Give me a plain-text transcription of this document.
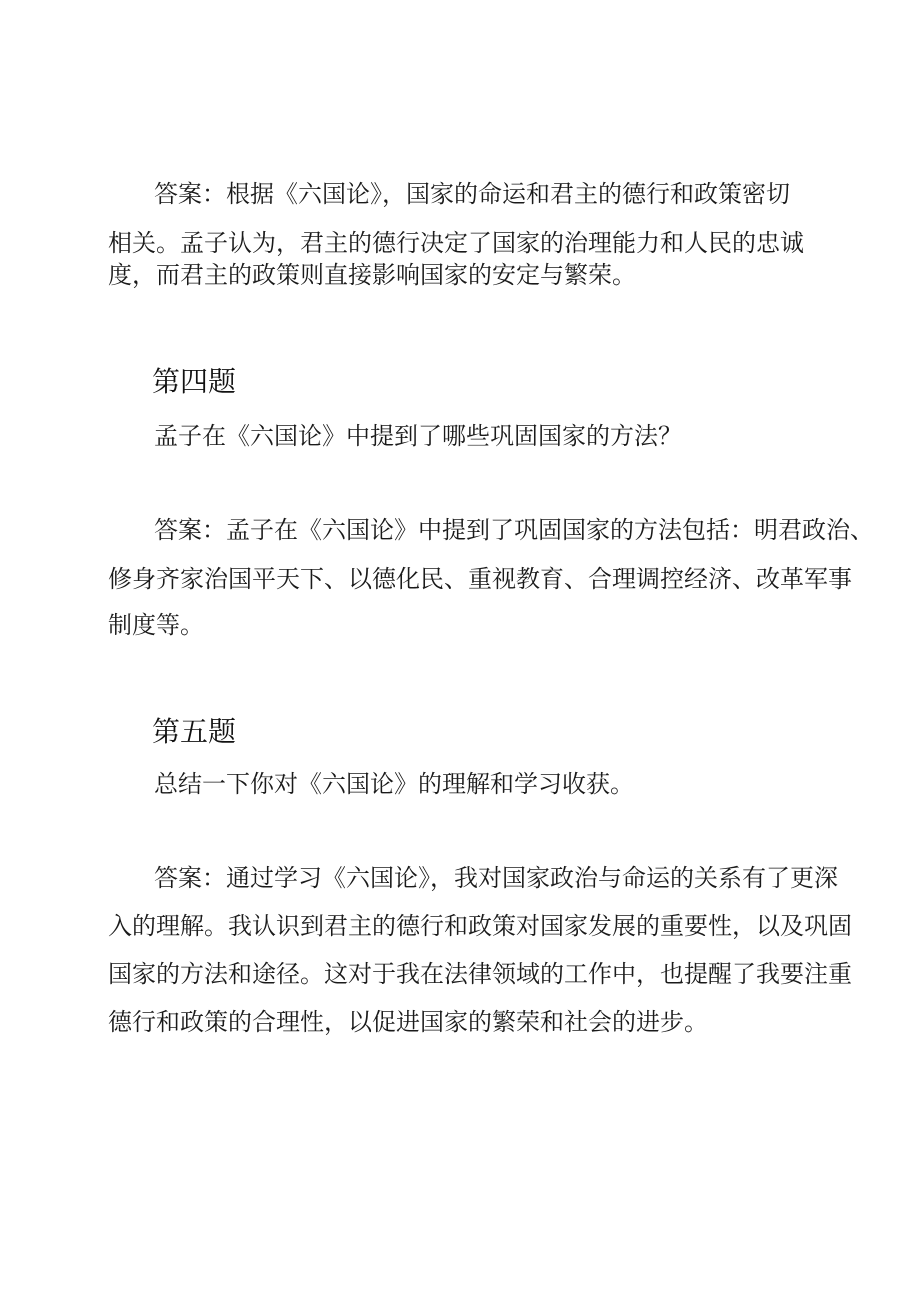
答案：根据《六国论》，国家的命运和君主的德行和政策密切
相关。孟子认为，君主的德行决定了国家的治理能力和人民的忠诚
度，而君主的政策则直接影响国家的安定与繁荣。
第四题
孟子在《六国论》中提到了哪些巩固国家的方法？
答案：孟子在《六国论》中提到了巩固国家的方法包括：明君政治、
修身齐家治国平天下、以德化民、重视教育、合理调控经济、改革军事
制度等。
第五题
总结一下你对《六国论》的理解和学习收获。
答案：通过学习《六国论》，我对国家政治与命运的关系有了更深
入的理解。我认识到君主的德行和政策对国家发展的重要性，以及巩固
国家的方法和途径。这对于我在法律领域的工作中，也提醒了我要注重
德行和政策的合理性，以促进国家的繁荣和社会的进步。
